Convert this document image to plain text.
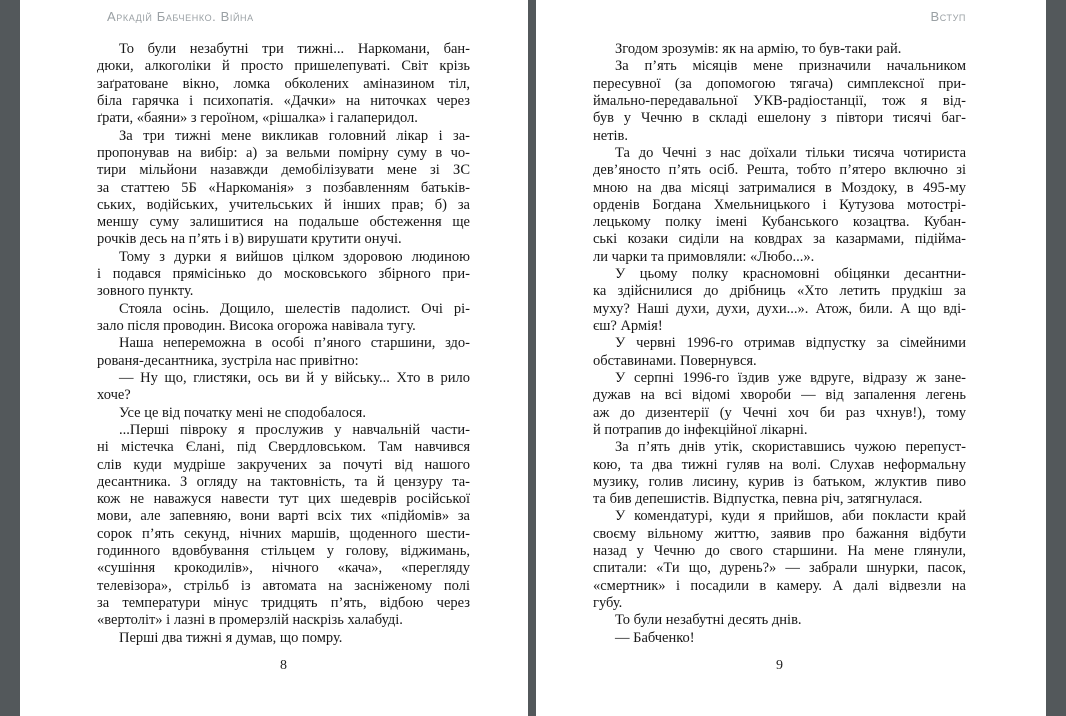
Аркадій Бабченко. Війна
То були незабутні три тижні... Наркомани, бан-
дюки, алкоголіки й просто пришелепуваті. Світ крізь
заґратоване вікно, ломка обколених аміназином тіл,
біла гарячка і психопатія. «Дачки» на ниточках через
ґрати, «баяни» з героїном, «рішалка» і галаперидол.
За три тижні мене викликав головний лікар і за-
пропонував на вибір: а) за вельми помірну суму в чо-
тири мільйони назавжди демобілізувати мене зі ЗС
за статтею 5Б «Наркоманія» з позбавленням батьків-
ських, водійських, учительських й інших прав; б) за
меншу суму залишитися на подальше обстеження ще
рочків десь на п’ять і в) вирушати крутити онучі.
Тому з дурки я вийшов цілком здоровою людиною
і подався прямісінько до московського збірного при-
зовного пункту.
Стояла осінь. Дощило, шелестів падолист. Очі рі-
зало після проводин. Висока огорожа навівала тугу.
Наша непереможна в особі п’яного старшини, здо-
рованя-десантника, зустріла нас привітно:
— Ну що, глистяки, ось ви й у війську... Хто в рило
хоче?
Усе це від початку мені не сподобалося.
...Перші півроку я прослужив у навчальній части-
ні містечка Єлані, під Свердловськом. Там навчився
слів куди мудріше закручених за почуті від нашого
десантника. З огляду на тактовність, та й цензуру та-
кож не наважуся навести тут цих шедеврів російської
мови, але запевняю, вони варті всіх тих «підйомів» за
сорок п’ять секунд, нічних маршів, щоденного шести-
годинного вдовбування стільцем у голову, віджимань,
«сушіння крокодилів», нічного «кача», «перегляду
телевізора», стрільб із автомата на засніженому полі
за температури мінус тридцять п’ять, відбою через
«вертоліт» і лазні в промерзлій наскрізь халабуді.
Перші два тижні я думав, що помру.
8
Вступ
Згодом зрозумів: як на армію, то був-таки рай.
За п’ять місяців мене призначили начальником
пересувної (за допомогою тягача) симплексної при-
ймально-передавальної УКВ-радіостанції, тож я від-
був у Чечню в складі ешелону з півтори тисячі баг-
нетів.
Та до Чечні з нас доїхали тільки тисяча чотириста
дев’яносто п’ять осіб. Решта, тобто п’ятеро включно зі
мною на два місяці затрималися в Моздоку, в 495-му
орденів Богдана Хмельницького і Кутузова мотострі-
лецькому полку імені Кубанського козацтва. Кубан-
ські козаки сиділи на ковдрах за казармами, підійма-
ли чарки та примовляли: «Любо...».
У цьому полку красномовні обіцянки десантни-
ка здійснилися до дрібниць «Хто летить прудкіш за
муху? Наші духи, духи, духи...». Атож, били. А що вді-
єш? Армія!
У червні 1996-го отримав відпустку за сімейними
обставинами. Повернувся.
У серпні 1996-го їздив уже вдруге, відразу ж зане-
дужав на всі відомі хвороби — від запалення легень
аж до дизентерії (у Чечні хоч би раз чхнув!), тому
й потрапив до інфекційної лікарні.
За п’ять днів утік, скориставшись чужою перепуст-
кою, та два тижні гуляв на волі. Слухав неформальну
музику, голив лисину, курив із батьком, жлуктив пиво
та бив депешистів. Відпустка, певна річ, затягнулася.
У комендатурі, куди я прийшов, аби покласти край
своєму вільному життю, заявив про бажання відбути
назад у Чечню до свого старшини. На мене глянули,
спитали: «Ти що, дурень?» — забрали шнурки, пасок,
«смертник» і посадили в камеру. А далі відвезли на
губу.
То були незабутні десять днів.
— Бабченко!
9
